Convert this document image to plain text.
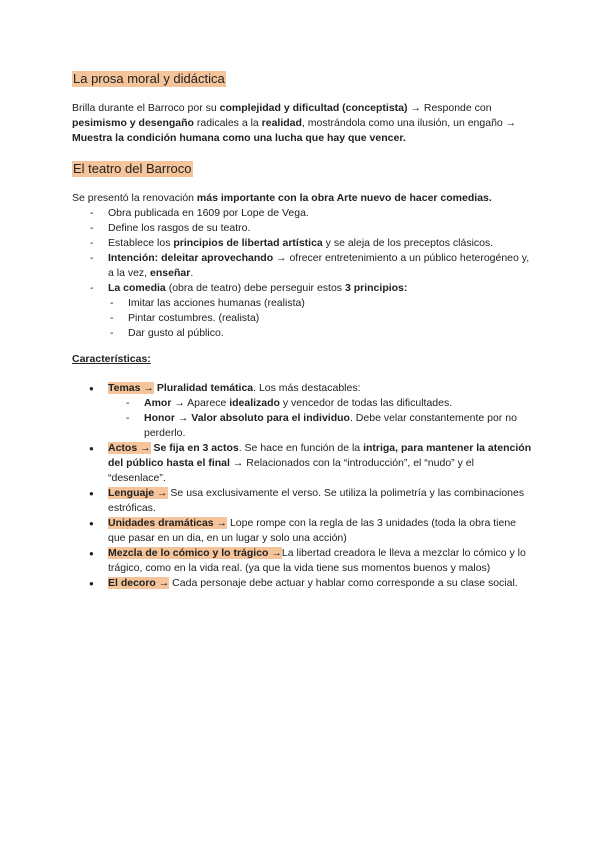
La prosa moral y didáctica

Brilla durante el Barroco por su complejidad y dificultad (conceptista) → Responde con pesimismo y desengaño radicales a la realidad, mostrándola como una ilusión, un engaño → Muestra la condición humana como una lucha que hay que vencer.

El teatro del Barroco

Se presentó la renovación más importante con la obra Arte nuevo de hacer comedias.

- Obra publicada en 1609 por Lope de Vega.
- Define los rasgos de su teatro.
- Establece los principios de libertad artística y se aleja de los preceptos clásicos.
- Intención: deleitar aprovechando → ofrecer entretenimiento a un público heterogéneo y, a la vez, enseñar.
- La comedia (obra de teatro) debe perseguir estos 3 principios:
- Imitar las acciones humanas (realista)
- Pintar costumbres. (realista)
- Dar gusto al público.
Características:
● Temas → Pluralidad temática. Los más destacables:
- Amor → Aparece idealizado y vencedor de todas las dificultades.
- Honor → Valor absoluto para el individuo. Debe velar constantemente por no perderlo.
● Actos → Se fija en 3 actos. Se hace en función de la intriga, para mantener la atención del público hasta el final → Relacionados con la “introducción”, el “nudo” y el “desenlace”.
● Lenguaje → Se usa exclusivamente el verso. Se utiliza la polimetría y las combinaciones estróficas.
● Unidades dramáticas → Lope rompe con la regla de las 3 unidades (toda la obra tiene que pasar en un dia, en un lugar y solo una acción)
● Mezcla de lo cómico y lo trágico →La libertad creadora le lleva a mezclar lo cómico y lo trágico, como en la vida real. (ya que la vida tiene sus momentos buenos y malos)
● El decoro → Cada personaje debe actuar y hablar como corresponde a su clase social.
